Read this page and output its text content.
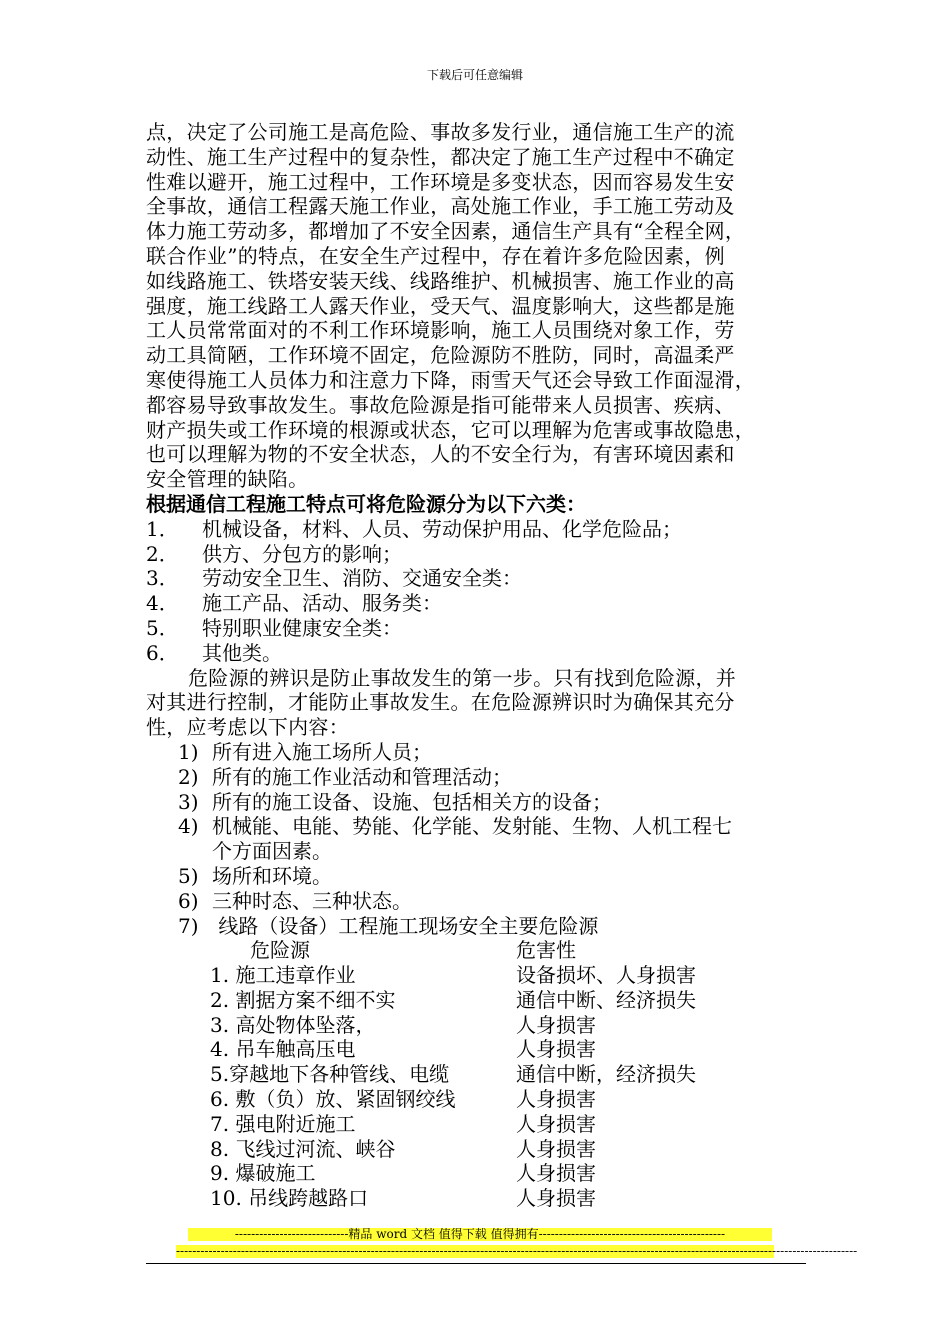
下载后可任意编辑
点，决定了公司施工是高危险、事故多发行业，通信施工生产的流
动性、施工生产过程中的复杂性，都决定了施工生产过程中不确定
性难以避开，施工过程中，工作环境是多变状态，因而容易发生安
全事故，通信工程露天施工作业，高处施工作业，手工施工劳动及
体力施工劳动多，都增加了不安全因素，通信生产具有“全程全网，
联合作业”的特点，在安全生产过程中，存在着许多危险因素，例
如线路施工、铁塔安装天线、线路维护、机械损害、施工作业的高
强度，施工线路工人露天作业，受天气、温度影响大，这些都是施
工人员常常面对的不利工作环境影响，施工人员围绕对象工作，劳
动工具简陋，工作环境不固定，危险源防不胜防，同时，高温柔严
寒使得施工人员体力和注意力下降，雨雪天气还会导致工作面湿滑，
都容易导致事故发生。事故危险源是指可能带来人员损害、疾病、
财产损失或工作环境的根源或状态，它可以理解为危害或事故隐患，
也可以理解为物的不安全状态，人的不安全行为，有害环境因素和
安全管理的缺陷。

根据通信工程施工特点可将危险源分为以下六类：

1． 机械设备，材料、人员、劳动保护用品、化学危险品；
2． 供方、分包方的影响；
3． 劳动安全卫生、消防、交通安全类：
4． 施工产品、活动、服务类：
5． 特别职业健康安全类：
6． 其他类。
危险源的辨识是防止事故发生的第一步。只有找到危险源，并
对其进行控制，才能防止事故发生。在危险源辨识时为确保其充分
性，应考虑以下内容：
1) 所有进入施工场所人员；
2) 所有的施工作业活动和管理活动；
3) 所有的施工设备、设施、包括相关方的设备；
4) 机械能、电能、势能、化学能、发射能、生物、人机工程七
个方面因素。
5) 场所和环境。
6) 三种时态、三种状态。
7) 线路（设备）工程施工现场安全主要危险源
危险源	危害性
1. 施工违章作业	设备损坏、人身损害
2. 割据方案不细不实	通信中断、经济损失
3. 高处物体坠落，	人身损害
4. 吊车触高压电	人身损害
5.穿越地下各种管线、电缆	通信中断，经济损失
6. 敷（负）放、紧固钢绞线	人身损害
7. 强电附近施工	人身损害
8. 飞线过河流、峡谷	人身损害
9. 爆破施工	人身损害
10. 吊线跨越路口	人身损害
----------------------------精品 word 文档 值得下载 值得拥有----------------------------------------------
------------------------------------------------------------------------------------------------------------------------------------------------------------------------
